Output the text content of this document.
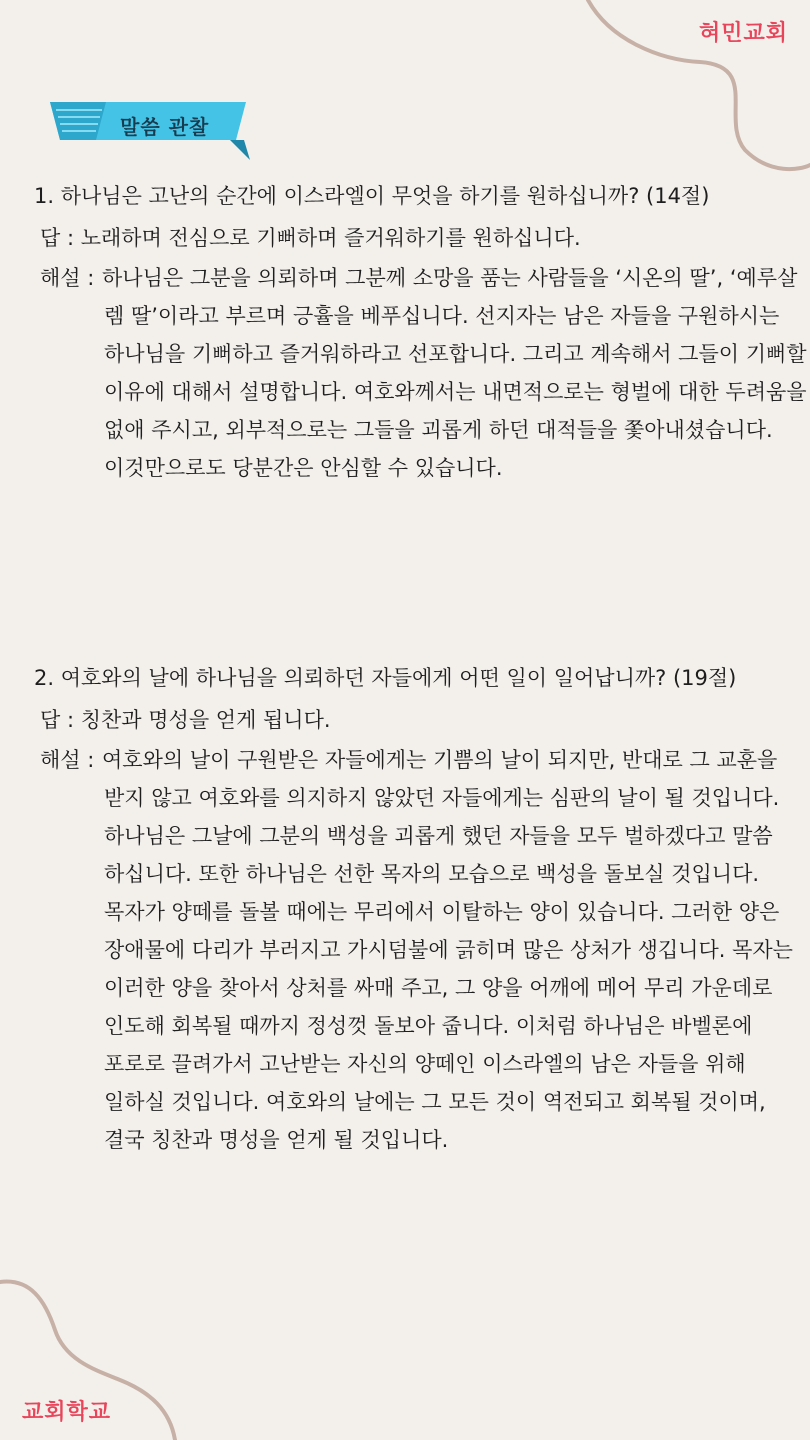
혀민교회
말씀 관찰
1. 하나님은 고난의 순간에 이스라엘이 무엇을 하기를 원하십니까? (14절)
답 : 노래하며 전심으로 기뻐하며 즐거워하기를 원하십니다.
해설 : 하나님은 그분을 의뢰하며 그분께 소망을 품는 사람들을 ‘시온의 딸’, ‘예루살
렘 딸’이라고 부르며 긍휼을 베푸십니다. 선지자는 남은 자들을 구원하시는
하나님을 기뻐하고 즐거워하라고 선포합니다. 그리고 계속해서 그들이 기뻐할
이유에 대해서 설명합니다. 여호와께서는 내면적으로는 형벌에 대한 두려움을
없애 주시고, 외부적으로는 그들을 괴롭게 하던 대적들을 쫓아내셨습니다.
이것만으로도 당분간은 안심할 수 있습니다.
2. 여호와의 날에 하나님을 의뢰하던 자들에게 어떤 일이 일어납니까? (19절)
답 : 칭찬과 명성을 얻게 됩니다.
해설 : 여호와의 날이 구원받은 자들에게는 기쁨의 날이 되지만, 반대로 그 교훈을
받지 않고 여호와를 의지하지 않았던 자들에게는 심판의 날이 될 것입니다.
하나님은 그날에 그분의 백성을 괴롭게 했던 자들을 모두 벌하겠다고 말씀
하십니다. 또한 하나님은 선한 목자의 모습으로 백성을 돌보실 것입니다.
목자가 양떼를 돌볼 때에는 무리에서 이탈하는 양이 있습니다. 그러한 양은
장애물에 다리가 부러지고 가시덤불에 긁히며 많은 상처가 생깁니다. 목자는
이러한 양을 찾아서 상처를 싸매 주고, 그 양을 어깨에 메어 무리 가운데로
인도해 회복될 때까지 정성껏 돌보아 줍니다. 이처럼 하나님은 바벨론에
포로로 끌려가서 고난받는 자신의 양떼인 이스라엘의 남은 자들을 위해
일하실 것입니다. 여호와의 날에는 그 모든 것이 역전되고 회복될 것이며,
결국 칭찬과 명성을 얻게 될 것입니다.
교회학교
